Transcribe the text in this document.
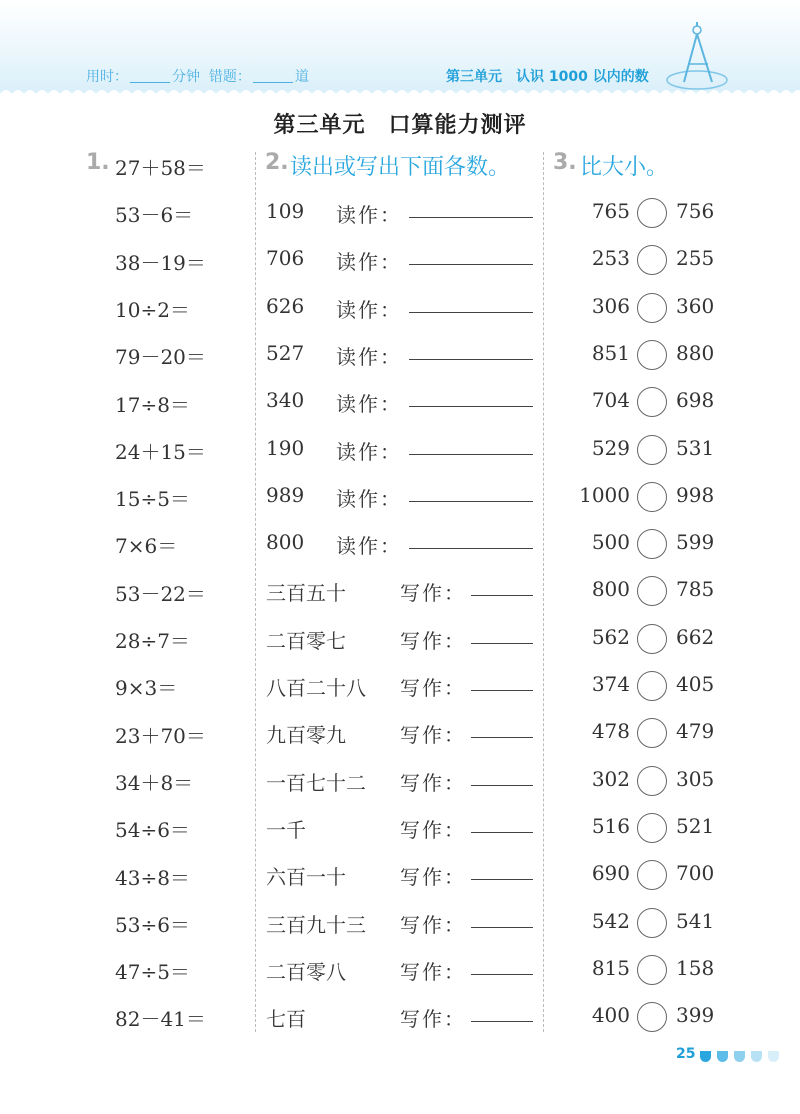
用时：	分钟 错题：	道	第三单元 认识 1000 以内的数
第三单元　口算能力测评
1. 27＋58＝
53－6＝
38－19＝
10÷2＝
79－20＝
17÷8＝
24＋15＝
15÷5＝
7×6＝
53－22＝
28÷7＝
9×3＝
23＋70＝
34＋8＝
54÷6＝
43÷8＝
53÷6＝
47÷5＝
82－41＝
2. 读出或写出下面各数。
109 读作：
706 读作：
626 读作：
527 读作：
340 读作：
190 读作：
989 读作：
800 读作：
三百五十	写作：
二百零七	写作：
八百二十八 写作：
九百零九	写作：
一百七十二 写作：
一千	写作：
六百一十	写作：
三百九十三 写作：
二百零八	写作：
七百	写作：
3. 比大小。
765 756
253 255
306 360
851 880
704 698
529 531
1000 998
500 599
800 785
562 662
374 405
478 479
302 305
516 521
690 700
542 541
815 158
400 399
25
